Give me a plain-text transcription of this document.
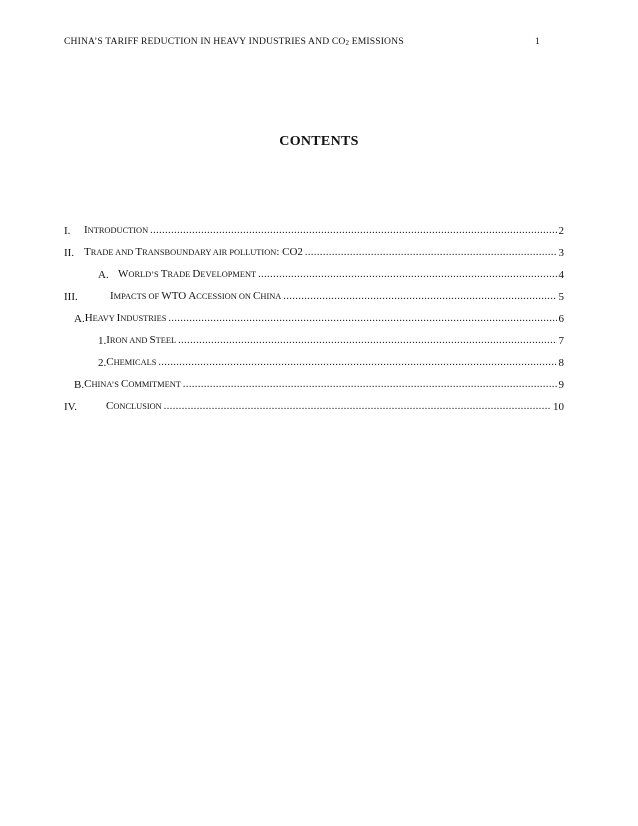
CHINA’S TARIFF REDUCTION IN HEAVY INDUSTRIES AND $CO_2$ EMISSIONS	1
CONTENTS
I.	INTRODUCTION .....	2
II. TRADE AND TRANSBOUNDARY AIR POLLUTION: CO2 .....	3
A. WORLD’S TRADE DEVELOPMENT .....	4
III.	IMPACTS OF WTO ACCESSION ON CHINA .....	5
A. HEAVY INDUSTRIES .....	6
1. IRON AND STEEL .....	7
2. CHEMICALS .....	8
B. CHINA’S COMMITMENT .....	9
IV.	CONCLUSION .....	10
